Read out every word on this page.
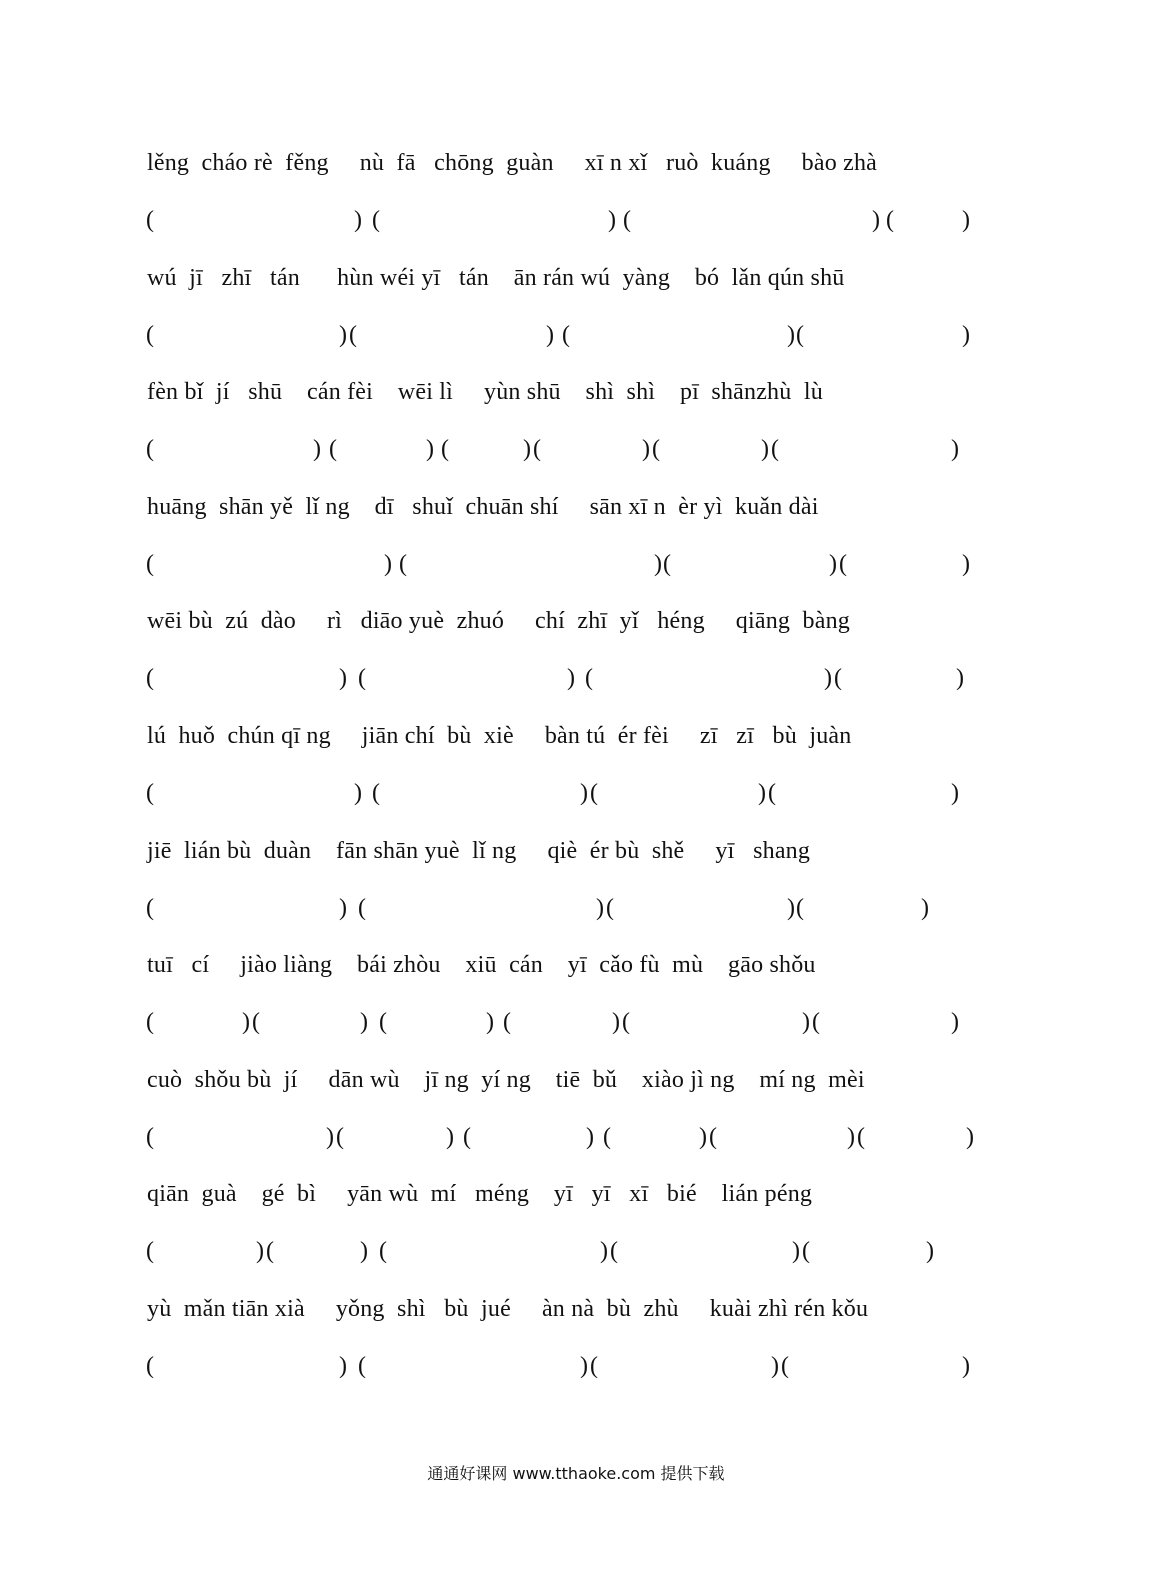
lěng  cháo rè  fěng     nù  fā   chōng  guàn     xī n xǐ   ruò  kuáng     bào zhà
(	) (	) (	) (	)
wú  jī   zhī   tán      hùn wéi yī   tán    ān rán wú  yàng    bó  lǎn qún shū
(	) (	) (	) (	)
fèn bǐ  jí   shū    cán fèi    wēi lì     yùn shū    shì  shì    pī  shānzhù  lù
(	) (	) (	) (	) (	) (	)
huāng  shān yě  lǐ ng    dī   shuǐ  chuān shí     sān xī n  èr yì  kuǎn dài
(	) (	) (	) (	)
wēi bù  zú  dào     rì   diāo yuè  zhuó     chí  zhī  yǐ   héng     qiāng  bàng
(	) (	) (	) (	)
lú  huǒ  chún qī ng     jiān chí  bù  xiè     bàn tú  ér fèi     zī   zī   bù  juàn
(	) (	) (	) (	)
jiē  lián bù  duàn    fān shān yuè  lǐ ng     qiè  ér bù  shě     yī   shang
(	) (	) (	) (	)
tuī   cí     jiào liàng    bái zhòu    xiū  cán    yī  cǎo fù  mù    gāo shǒu
(	) (	) (	) (	) (	) (	)
cuò  shǒu bù  jí     dān wù    jī ng  yí ng    tiē  bǔ    xiào jì ng    mí ng  mèi
(	) (	) (	) (	) (	) (	)
qiān  guà    gé  bì     yān wù  mí   méng    yī   yī   xī   bié    lián péng
(	) (	) (	) (	) (	)
yù  mǎn tiān xià     yǒng  shì   bù  jué     àn nà  bù  zhù     kuài zhì rén kǒu
(	) (	) (	) (	)
通通好课网 www.tthaoke.com 提供下载
